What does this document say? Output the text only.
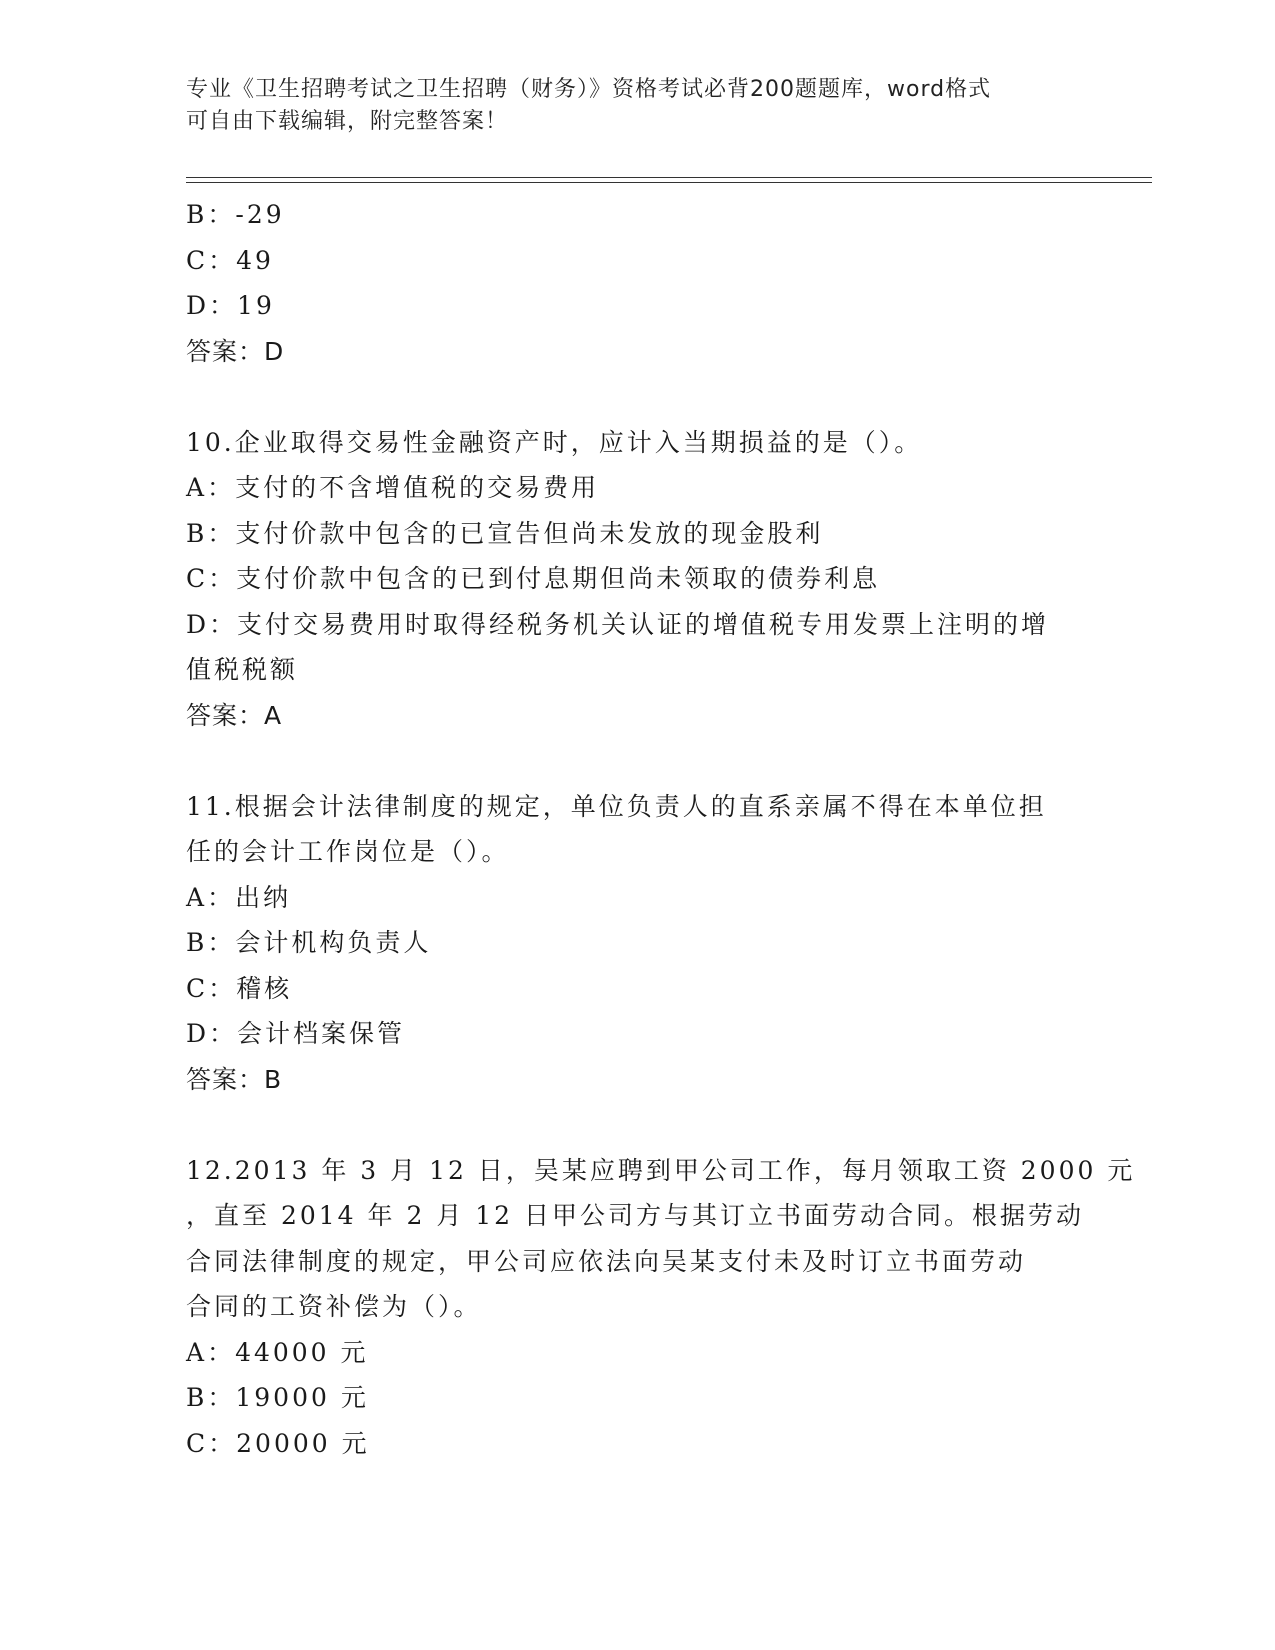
专业《卫生招聘考试之卫生招聘（财务）》资格考试必背200题题库，word格式
可自由下载编辑，附完整答案！
B：-29
C：49
D：19
答案：D
10.企业取得交易性金融资产时，应计入当期损益的是（）。
A：支付的不含增值税的交易费用
B：支付价款中包含的已宣告但尚未发放的现金股利
C：支付价款中包含的已到付息期但尚未领取的债券利息
D：支付交易费用时取得经税务机关认证的增值税专用发票上注明的增
值税税额
答案：A
11.根据会计法律制度的规定，单位负责人的直系亲属不得在本单位担
任的会计工作岗位是（）。
A：出纳
B：会计机构负责人
C：稽核
D：会计档案保管
答案：B
12.2013 年 3 月 12 日，吴某应聘到甲公司工作，每月领取工资 2000 元
，直至 2014 年 2 月 12 日甲公司方与其订立书面劳动合同。根据劳动
合同法律制度的规定，甲公司应依法向吴某支付未及时订立书面劳动
合同的工资补偿为（）。
A：44000 元
B：19000 元
C：20000 元
